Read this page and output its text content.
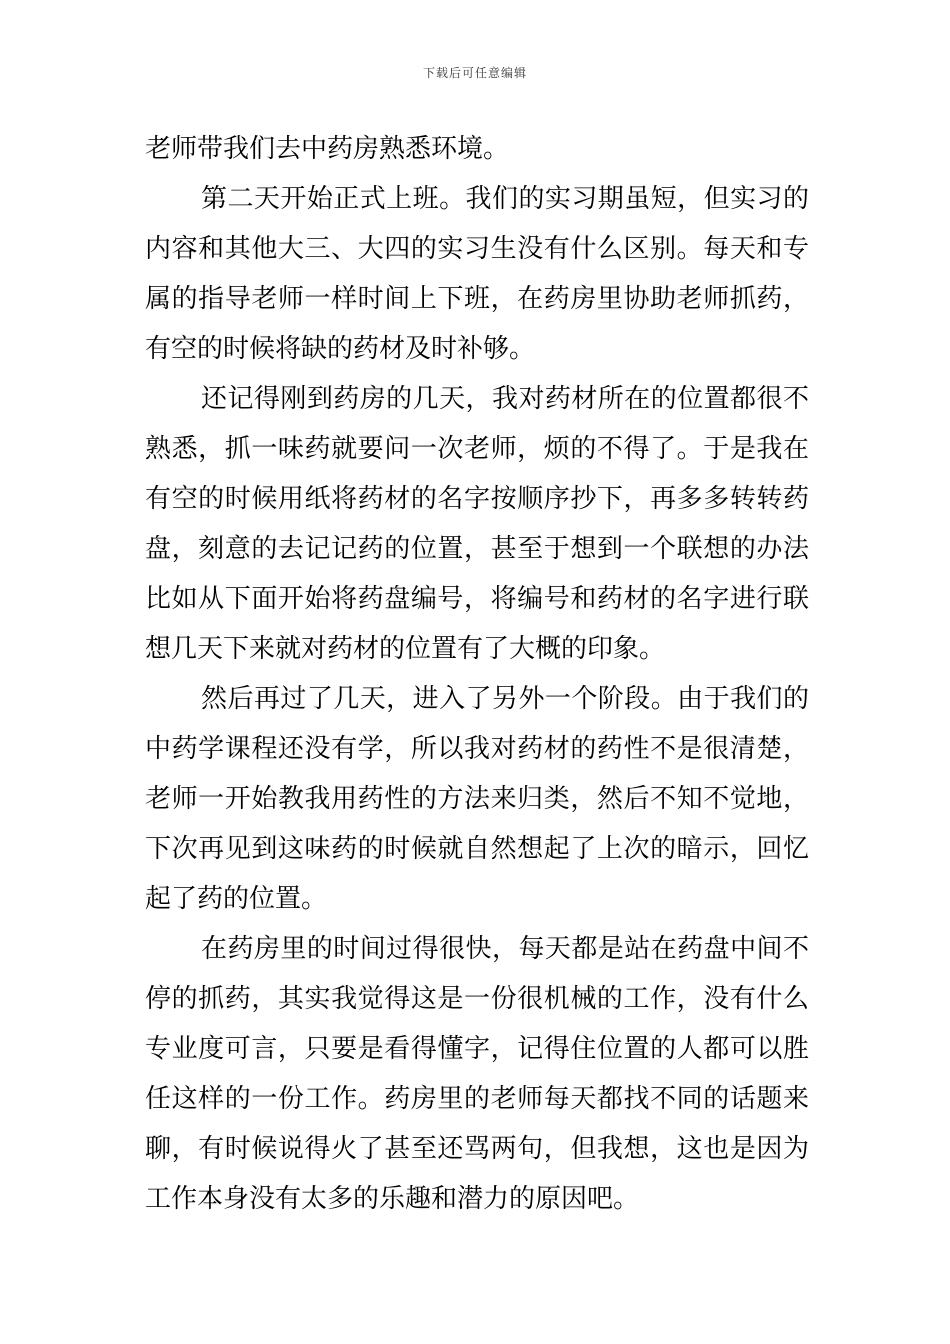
下载后可任意编辑
老师带我们去中药房熟悉环境。
第二天开始正式上班。我们的实习期虽短，但实习的
内容和其他大三、大四的实习生没有什么区别。每天和专
属的指导老师一样时间上下班，在药房里协助老师抓药，
有空的时候将缺的药材及时补够。
还记得刚到药房的几天，我对药材所在的位置都很不
熟悉，抓一味药就要问一次老师，烦的不得了。于是我在
有空的时候用纸将药材的名字按顺序抄下，再多多转转药
盘，刻意的去记记药的位置，甚至于想到一个联想的办法
比如从下面开始将药盘编号，将编号和药材的名字进行联
想几天下来就对药材的位置有了大概的印象。
然后再过了几天，进入了另外一个阶段。由于我们的
中药学课程还没有学，所以我对药材的药性不是很清楚，
老师一开始教我用药性的方法来归类，然后不知不觉地，
下次再见到这味药的时候就自然想起了上次的暗示，回忆
起了药的位置。
在药房里的时间过得很快，每天都是站在药盘中间不
停的抓药，其实我觉得这是一份很机械的工作，没有什么
专业度可言，只要是看得懂字，记得住位置的人都可以胜
任这样的一份工作。药房里的老师每天都找不同的话题来
聊，有时候说得火了甚至还骂两句，但我想，这也是因为
工作本身没有太多的乐趣和潜力的原因吧。
